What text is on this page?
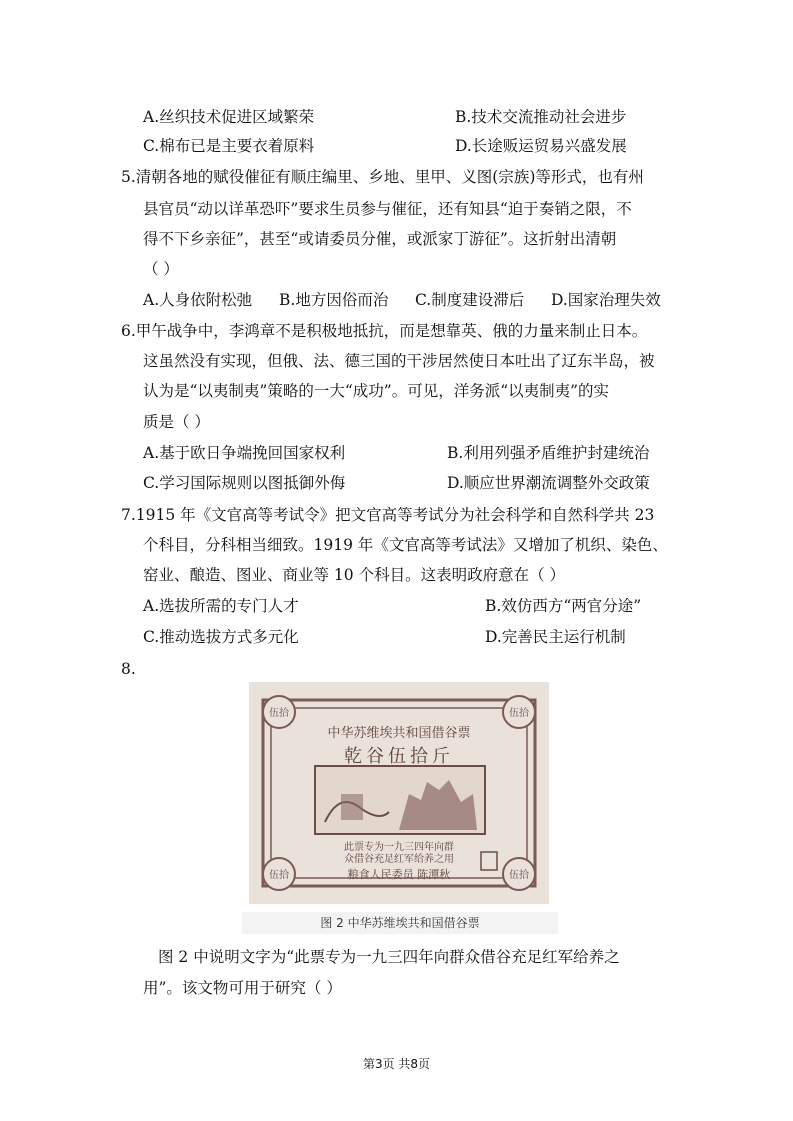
A.丝织技术促进区域繁荣	B.技术交流推动社会进步
C.棉布已是主要衣着原料	D.长途贩运贸易兴盛发展
5.清朝各地的赋役催征有顺庄编里、乡地、里甲、义图(宗族)等形式，也有州
县官员“动以详革恐吓”要求生员参与催征，还有知县“迫于奏销之限，不
得不下乡亲征”，甚至“或请委员分催，或派家丁游征”。这折射出清朝
（ ）
A.人身依附松弛 B.地方因俗而治 C.制度建设滞后 D.国家治理失效
6.甲午战争中，李鸿章不是积极地抵抗，而是想靠英、俄的力量来制止日本。
这虽然没有实现，但俄、法、德三国的干涉居然使日本吐出了辽东半岛，被
认为是“以夷制夷”策略的一大“成功”。可见，洋务派“以夷制夷”的实
质是（ ）
A.基于欧日争端挽回国家权利	B.利用列强矛盾维护封建统治
C.学习国际规则以图抵御外侮	D.顺应世界潮流调整外交政策
7.1915 年《文官高等考试令》把文官高等考试分为社会科学和自然科学共 23
个科目，分科相当细致。1919 年《文官高等考试法》又增加了机织、染色、
窑业、酿造、图业、商业等 10 个科目。这表明政府意在（ ）
A.选拔所需的专门人才	B.效仿西方“两官分途”
C.推动选拔方式多元化	D.完善民主运行机制
8.
伍拾	伍拾
伍拾	伍拾
中华苏维埃共和国借谷票
乾谷伍拾斤
此票专为一九三四年向群
众借谷充足红军给养之用
粮食人民委员 陈潭秋
图 2 中华苏维埃共和国借谷票
图 2 中说明文字为“此票专为一九三四年向群众借谷充足红军给养之
用”。该文物可用于研究（ ）
第3页 共8页
